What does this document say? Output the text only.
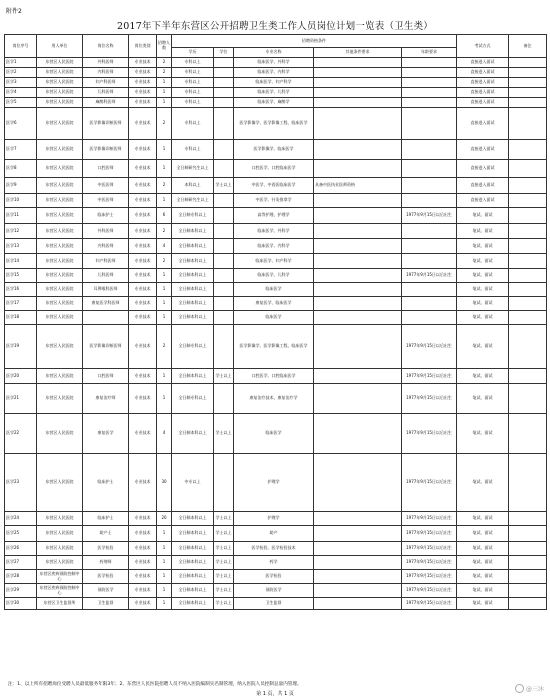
附件2
2017年下半年东营区公开招聘卫生类工作人员岗位计划一览表（卫生类）
岗位序号	用人单位	岗位名称	岗位类别	招聘人数	招聘资格条件					考试方式	备注
					学历	学位	专业名称	其他条件要求	年龄要求		
医学1	东营区人民医院	外科医师	专业技术	2	专科以上		临床医学、外科学			直接进入面试	
医学2	东营区人民医院	内科医师	专业技术	2	专科以上		临床医学、内科学			直接进入面试	
医学3	东营区人民医院	妇产科医师	专业技术	1	专科以上		临床医学、妇产科学			直接进入面试	
医学4	东营区人民医院	儿科医师	专业技术	1	专科以上		临床医学、儿科学			直接进入面试	
医学5	东营区人民医院	麻醉科医师	专业技术	1	专科以上		临床医学、麻醉学			直接进入面试	
医学6	东营区人民医院	医学影像诊断医师	专业技术	2	专科以上		医学影像学、医学影像工程、临床医学			直接进入面试	
医学7	东营区人民医院	医学影像诊断医师	专业技术	1	专科以上		医学影像学、临床医学			直接进入面试	
医学8	东营区人民医院	口腔医师	专业技术	1	全日制研究生以上		口腔医学、口腔临床医学			直接进入面试	
医学9	东营区人民医院	中医医师	专业技术	2	本科以上	学士以上	中医学、中西医临床医学	具备中医执业医师资格		直接进入面试	
医学10	东营区人民医院	中医医师	专业技术	1	全日制研究生以上		中医学、针灸推拿学			直接进入面试	
医学11	东营区人民医院	临床护士	专业技术	6	全日制专科以上		高等护理、护理学		1977年9月15日以后出生	笔试、面试	
医学12	东营区人民医院	外科医师	专业技术	2	全日制本科以上		临床医学、外科学			笔试、面试	
医学13	东营区人民医院	内科医师	专业技术	4	全日制本科以上		临床医学、内科学			笔试、面试	
医学14	东营区人民医院	妇产科医师	专业技术	2	全日制本科以上		临床医学、妇产科学			笔试、面试	
医学15	东营区人民医院	儿科医师	专业技术	1	全日制本科以上		临床医学、儿科学		1977年9月15日以后出生	笔试、面试	
医学16	东营区人民医院	耳鼻喉科医师	专业技术	1	全日制本科以上		临床医学			笔试、面试	
医学17	东营区人民医院	康复医学科医师	专业技术	1	全日制本科以上		康复医学、临床医学			笔试、面试	
医学18	东营区人民医院		专业技术	1	全日制本科以上		临床医学			笔试、面试	
医学19	东营区人民医院	医学影像诊断医师	专业技术	2	全日制专科以上		医学影像学、医学影像工程、临床医学		1977年9月15日以后出生	笔试、面试	
医学20	东营区人民医院	口腔医师	专业技术	1	全日制本科以上	学士以上	口腔医学、口腔临床医学		1977年9月15日以后出生	笔试、面试	
医学21	东营区人民医院	康复治疗师	专业技术	1	全日制专科以上		康复治疗技术、康复治疗学		1977年9月15日以后出生	笔试、面试	
医学22	东营区人民医院	康复医学	专业技术	4	全日制本科以上	学士以上	临床医学		1977年9月15日以后出生	笔试、面试	
医学23	东营区人民医院	临床护士	专业技术	30	中专以上		护理学		1977年9月15日以后出生	笔试、面试	
医学24	东营区人民医院	临床护士	专业技术	20	全日制本科以上	学士以上	护理学		1977年9月15日以后出生	笔试、面试	
医学25	东营区人民医院	助产士	专业技术	1	全日制本科以上	学士以上	助产		1977年9月15日以后出生	笔试、面试	
医学26	东营区人民医院	医学检验	专业技术	1	全日制本科以上	学士以上	医学检验、医学检验技术		1977年9月15日以后出生	笔试、面试	
医学27	东营区人民医院	药剂师	专业技术	1	全日制本科以上	学士以上	药学		1977年9月15日以后出生	笔试、面试	
医学28	东营区疾病预防控制中心	医学检验	专业技术	1	全日制本科以上	学士以上	医学检验		1977年9月15日以后出生	笔试、面试	
医学29	东营区疾病预防控制中心	预防医学	专业技术	1	全日制本科以上	学士以上	预防医学		1977年9月15日以后出生	笔试、面试	
医学30	东营区卫生监督所	卫生监督	专业技术	1	全日制本科以上	学士以上	卫生监督		1977年9月15日以后出生	笔试、面试	
注：1、以上所有招聘岗位受聘人员最低服务年限3年；2、东营区人民医院招聘人员不纳入医院编制实名制管理，纳入医院人员控制总量内管理。
第 1 页，共 1 页
@三沐
